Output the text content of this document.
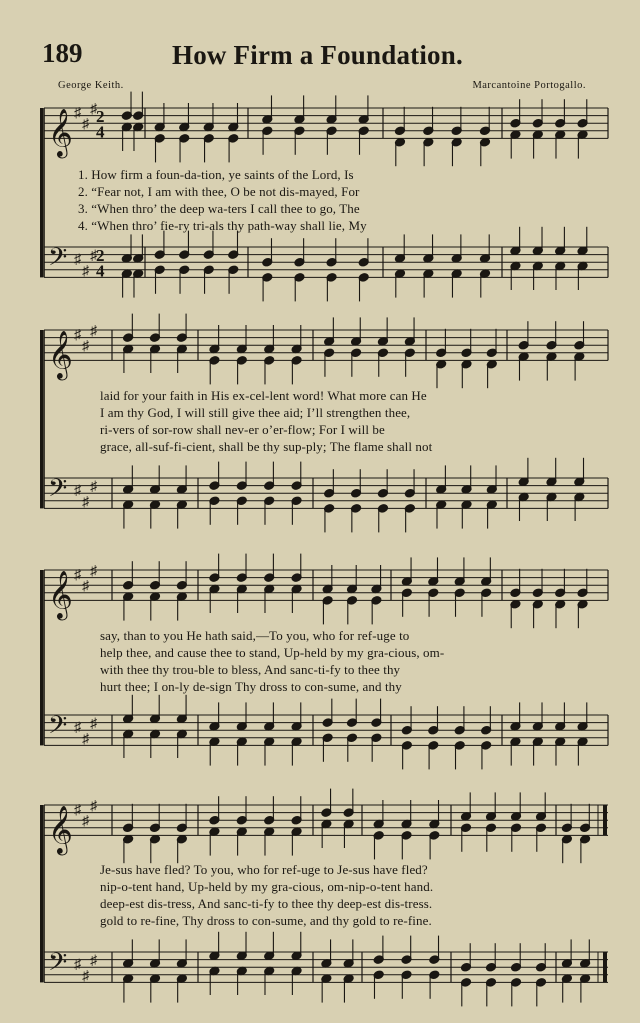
189	How Firm a Foundation.
George Keith.	Marcantoine Portogallo.
𝄞
𝄢
♯
♯
♯
♯
♯
♯
2
4
2
4
𝄞
𝄢
♯
♯
♯
♯
♯
♯
𝄞
𝄢
♯
♯
♯
♯
♯
♯
𝄞
𝄢
♯
♯
♯
♯
♯
♯
1. How firm a foun-da-tion, ye saints of the Lord, Is
2. “Fear not, I am with thee, O be not dis-mayed, For
3. “When thro’ the deep wa-ters I call thee to go, The
4. “When thro’ fie-ry tri-als thy path-way shall lie, My
laid for your faith in His ex-cel-lent word! What more can He
I am thy God, I will still give thee aid; I’ll strengthen thee,
ri-vers of sor-row shall nev-er o’er-flow; For I will be
grace, all-suf-fi-cient, shall be thy sup-ply; The flame shall not
say, than to you He hath said,—To you, who for ref-uge to
help thee, and cause thee to stand, Up-held by my gra-cious, om-
with thee thy trou-ble to bless, And sanc-ti-fy to thee thy
hurt thee; I on-ly de-sign Thy dross to con-sume, and thy
Je-sus have fled? To you, who for ref-uge to Je-sus have fled?
nip-o-tent hand, Up-held by my gra-cious, om-nip-o-tent hand.
deep-est dis-tress, And sanc-ti-fy to thee thy deep-est dis-tress.
gold to re-fine, Thy dross to con-sume, and thy gold to re-fine.
